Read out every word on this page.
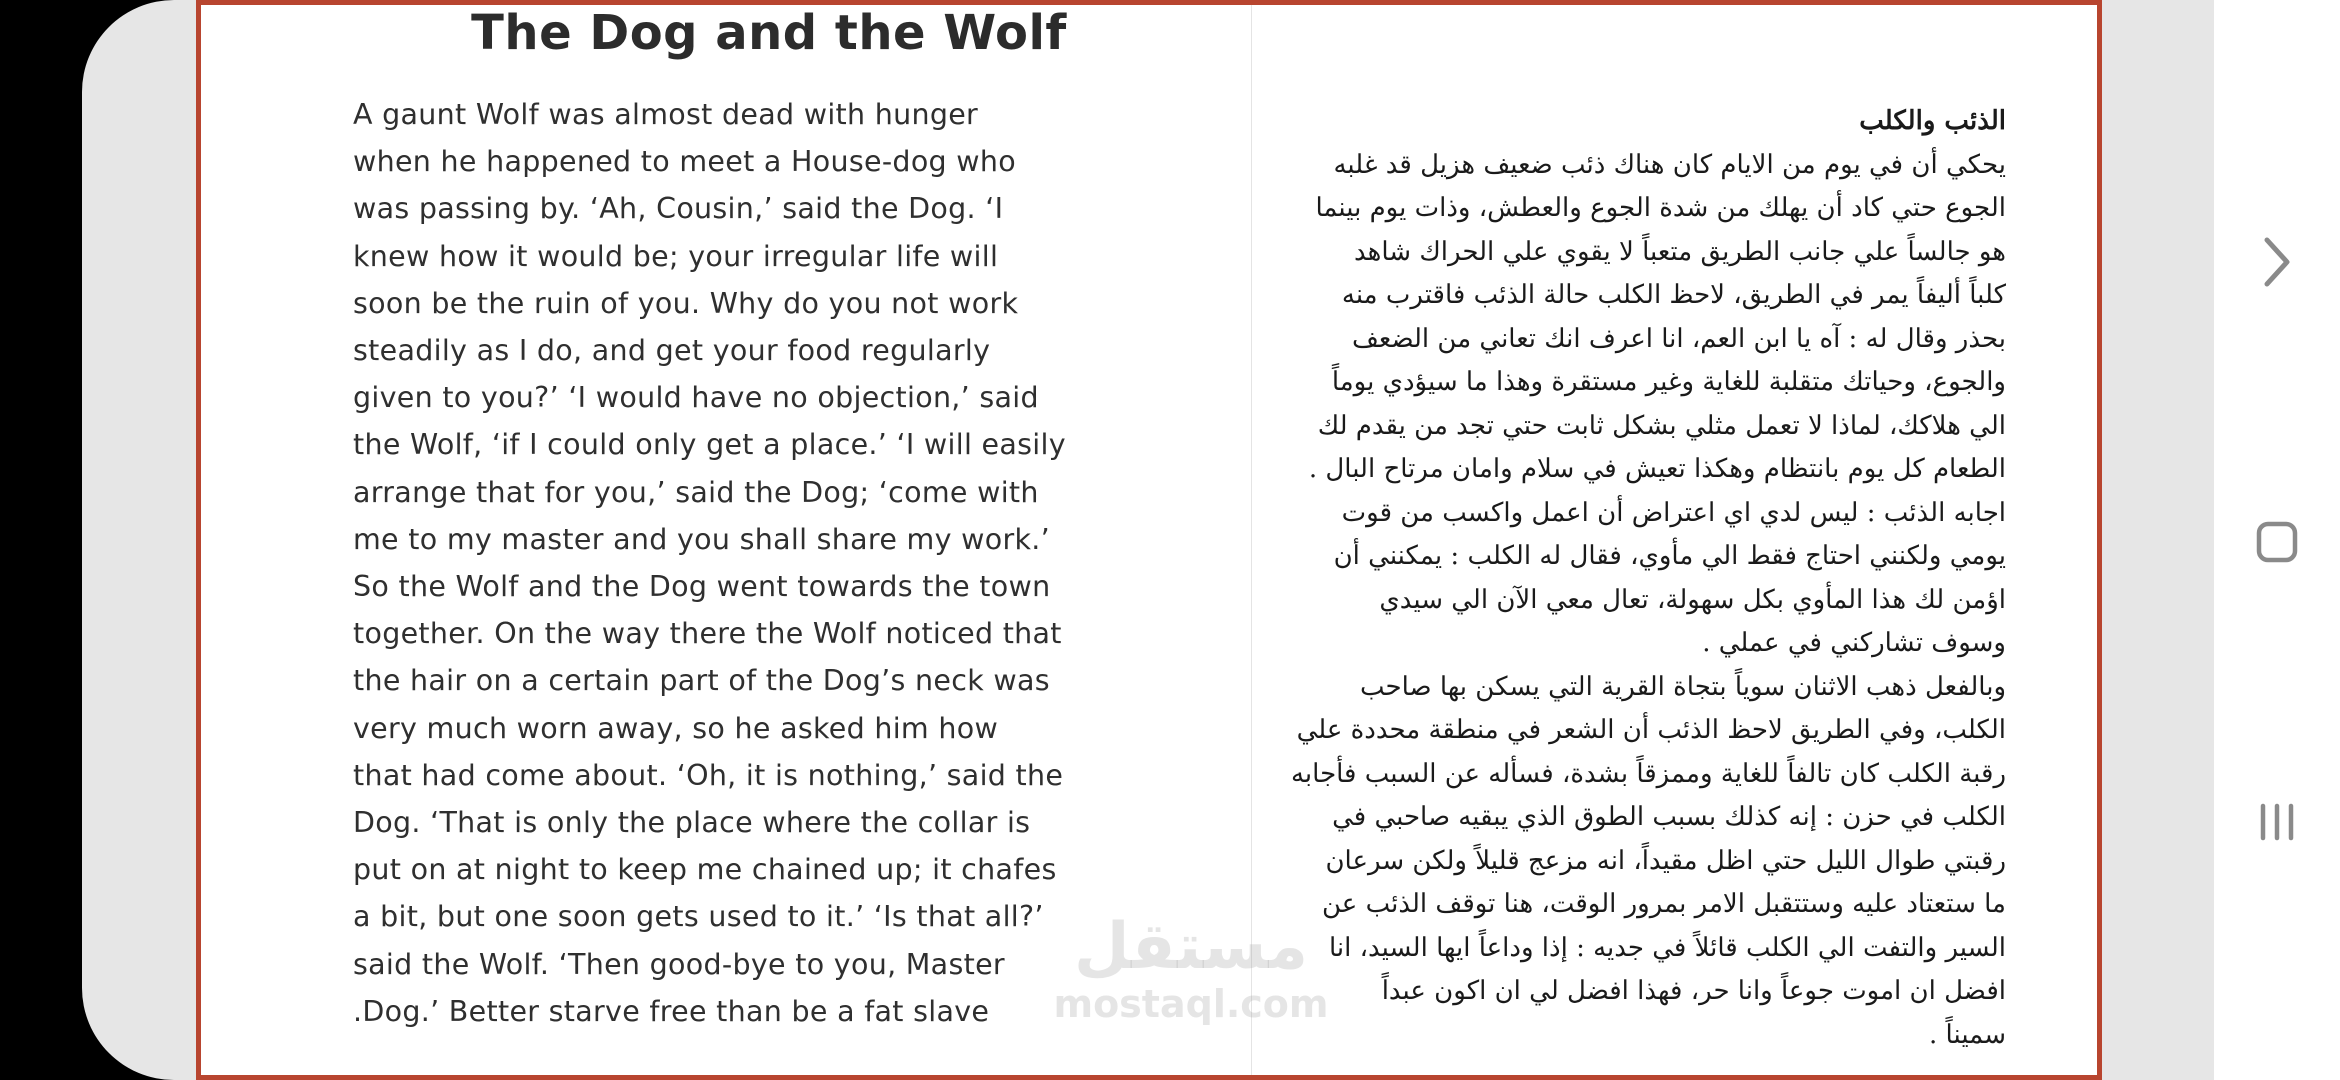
The Dog and the Wolf
A gaunt Wolf was almost dead with hunger
when he happened to meet a House-dog who
was passing by. ‘Ah, Cousin,’ said the Dog. ‘I
knew how it would be; your irregular life will
soon be the ruin of you. Why do you not work
steadily as I do, and get your food regularly
given to you?’ ‘I would have no objection,’ said
the Wolf, ‘if I could only get a place.’ ‘I will easily
arrange that for you,’ said the Dog; ‘come with
me to my master and you shall share my work.’
So the Wolf and the Dog went towards the town
together. On the way there the Wolf noticed that
the hair on a certain part of the Dog’s neck was
very much worn away, so he asked him how
that had come about. ‘Oh, it is nothing,’ said the
Dog. ‘That is only the place where the collar is
put on at night to keep me chained up; it chafes
a bit, but one soon gets used to it.’ ‘Is that all?’
said the Wolf. ‘Then good-bye to you, Master
.Dog.’ Better starve free than be a fat slave
الذئب والكلب
يحكي أن في يوم من الايام كان هناك ذئب ضعيف هزيل قد غلبه
الجوع حتي كاد أن يهلك من شدة الجوع والعطش، وذات يوم بينما
هو جالساً علي جانب الطريق متعباً لا يقوي علي الحراك شاهد
كلباً أليفاً يمر في الطريق، لاحظ الكلب حالة الذئب فاقترب منه
بحذر وقال له : آه يا ابن العم، انا اعرف انك تعاني من الضعف
والجوع، وحياتك متقلبة للغاية وغير مستقرة وهذا ما سيؤدي يوماً
الي هلاكك، لماذا لا تعمل مثلي بشكل ثابت حتي تجد من يقدم لك
الطعام كل يوم بانتظام وهكذا تعيش في سلام وامان مرتاح البال .
اجابه الذئب : ليس لدي اي اعتراض أن اعمل واكسب من قوت
يومي ولكنني احتاج فقط الي مأوي، فقال له الكلب : يمكنني أن
اؤمن لك هذا المأوي بكل سهولة، تعال معي الآن الي سيدي
وسوف تشاركني في عملي .
وبالفعل ذهب الاثنان سوياً بتجاة القرية التي يسكن بها صاحب
الكلب، وفي الطريق لاحظ الذئب أن الشعر في منطقة محددة علي
رقبة الكلب كان تالفاً للغاية وممزقاً بشدة، فسأله عن السبب فأجابه
الكلب في حزن : إنه كذلك بسبب الطوق الذي يبقيه صاحبي في
رقبتي طوال الليل حتي اظل مقيداً، انه مزعج قليلاً ولكن سرعان
ما ستعتاد عليه وستتقبل الامر بمرور الوقت، هنا توقف الذئب عن
السير والتفت الي الكلب قائلاً في جديه : إذا وداعاً ايها السيد، انا
افضل ان اموت جوعاً وانا حر، فهذا افضل لي ان اكون عبداً
سميناً .
مستقل
mostaql.com
